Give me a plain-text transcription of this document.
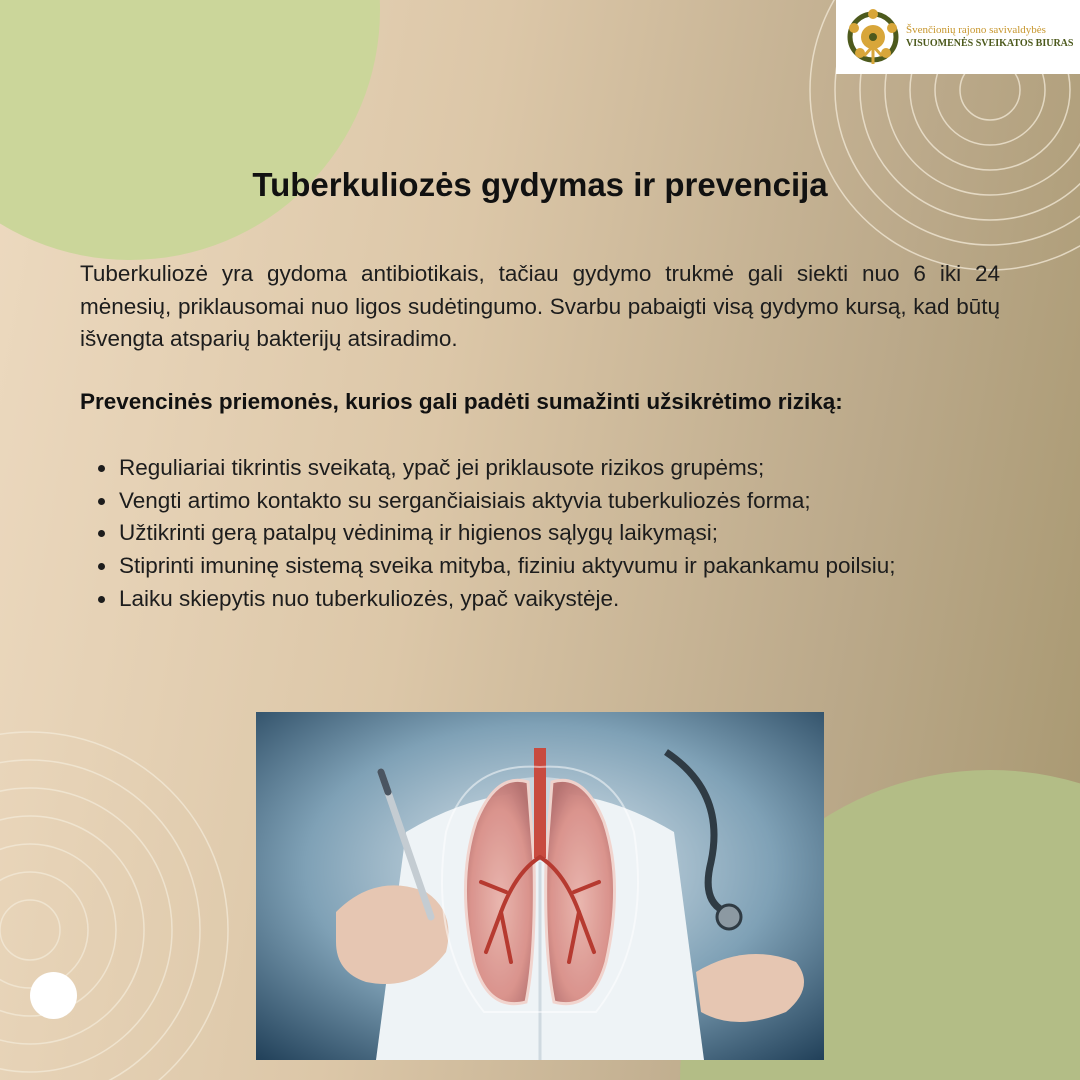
Švenčionių rajono savivaldybės
VISUOMENĖS SVEIKATOS BIURAS
Tuberkuliozės gydymas ir prevencija

Tuberkuliozė yra gydoma antibiotikais, tačiau gydymo trukmė gali siekti nuo 6 iki 24 mėnesių, priklausomai nuo ligos sudėtingumo. Svarbu pabaigti visą gydymo kursą, kad būtų išvengta atsparių bakterijų atsiradimo.

Prevencinės priemonės, kurios gali padėti sumažinti užsikrėtimo riziką:

Reguliariai tikrintis sveikatą, ypač jei priklausote rizikos grupėms;
Vengti artimo kontakto su sergančiaisiais aktyvia tuberkuliozės forma;
Užtikrinti gerą patalpų vėdinimą ir higienos sąlygų laikymąsi;
Stiprinti imuninę sistemą sveika mityba, fiziniu aktyvumu ir pakankamu poilsiu;
Laiku skiepytis nuo tuberkuliozės, ypač vaikystėje.
